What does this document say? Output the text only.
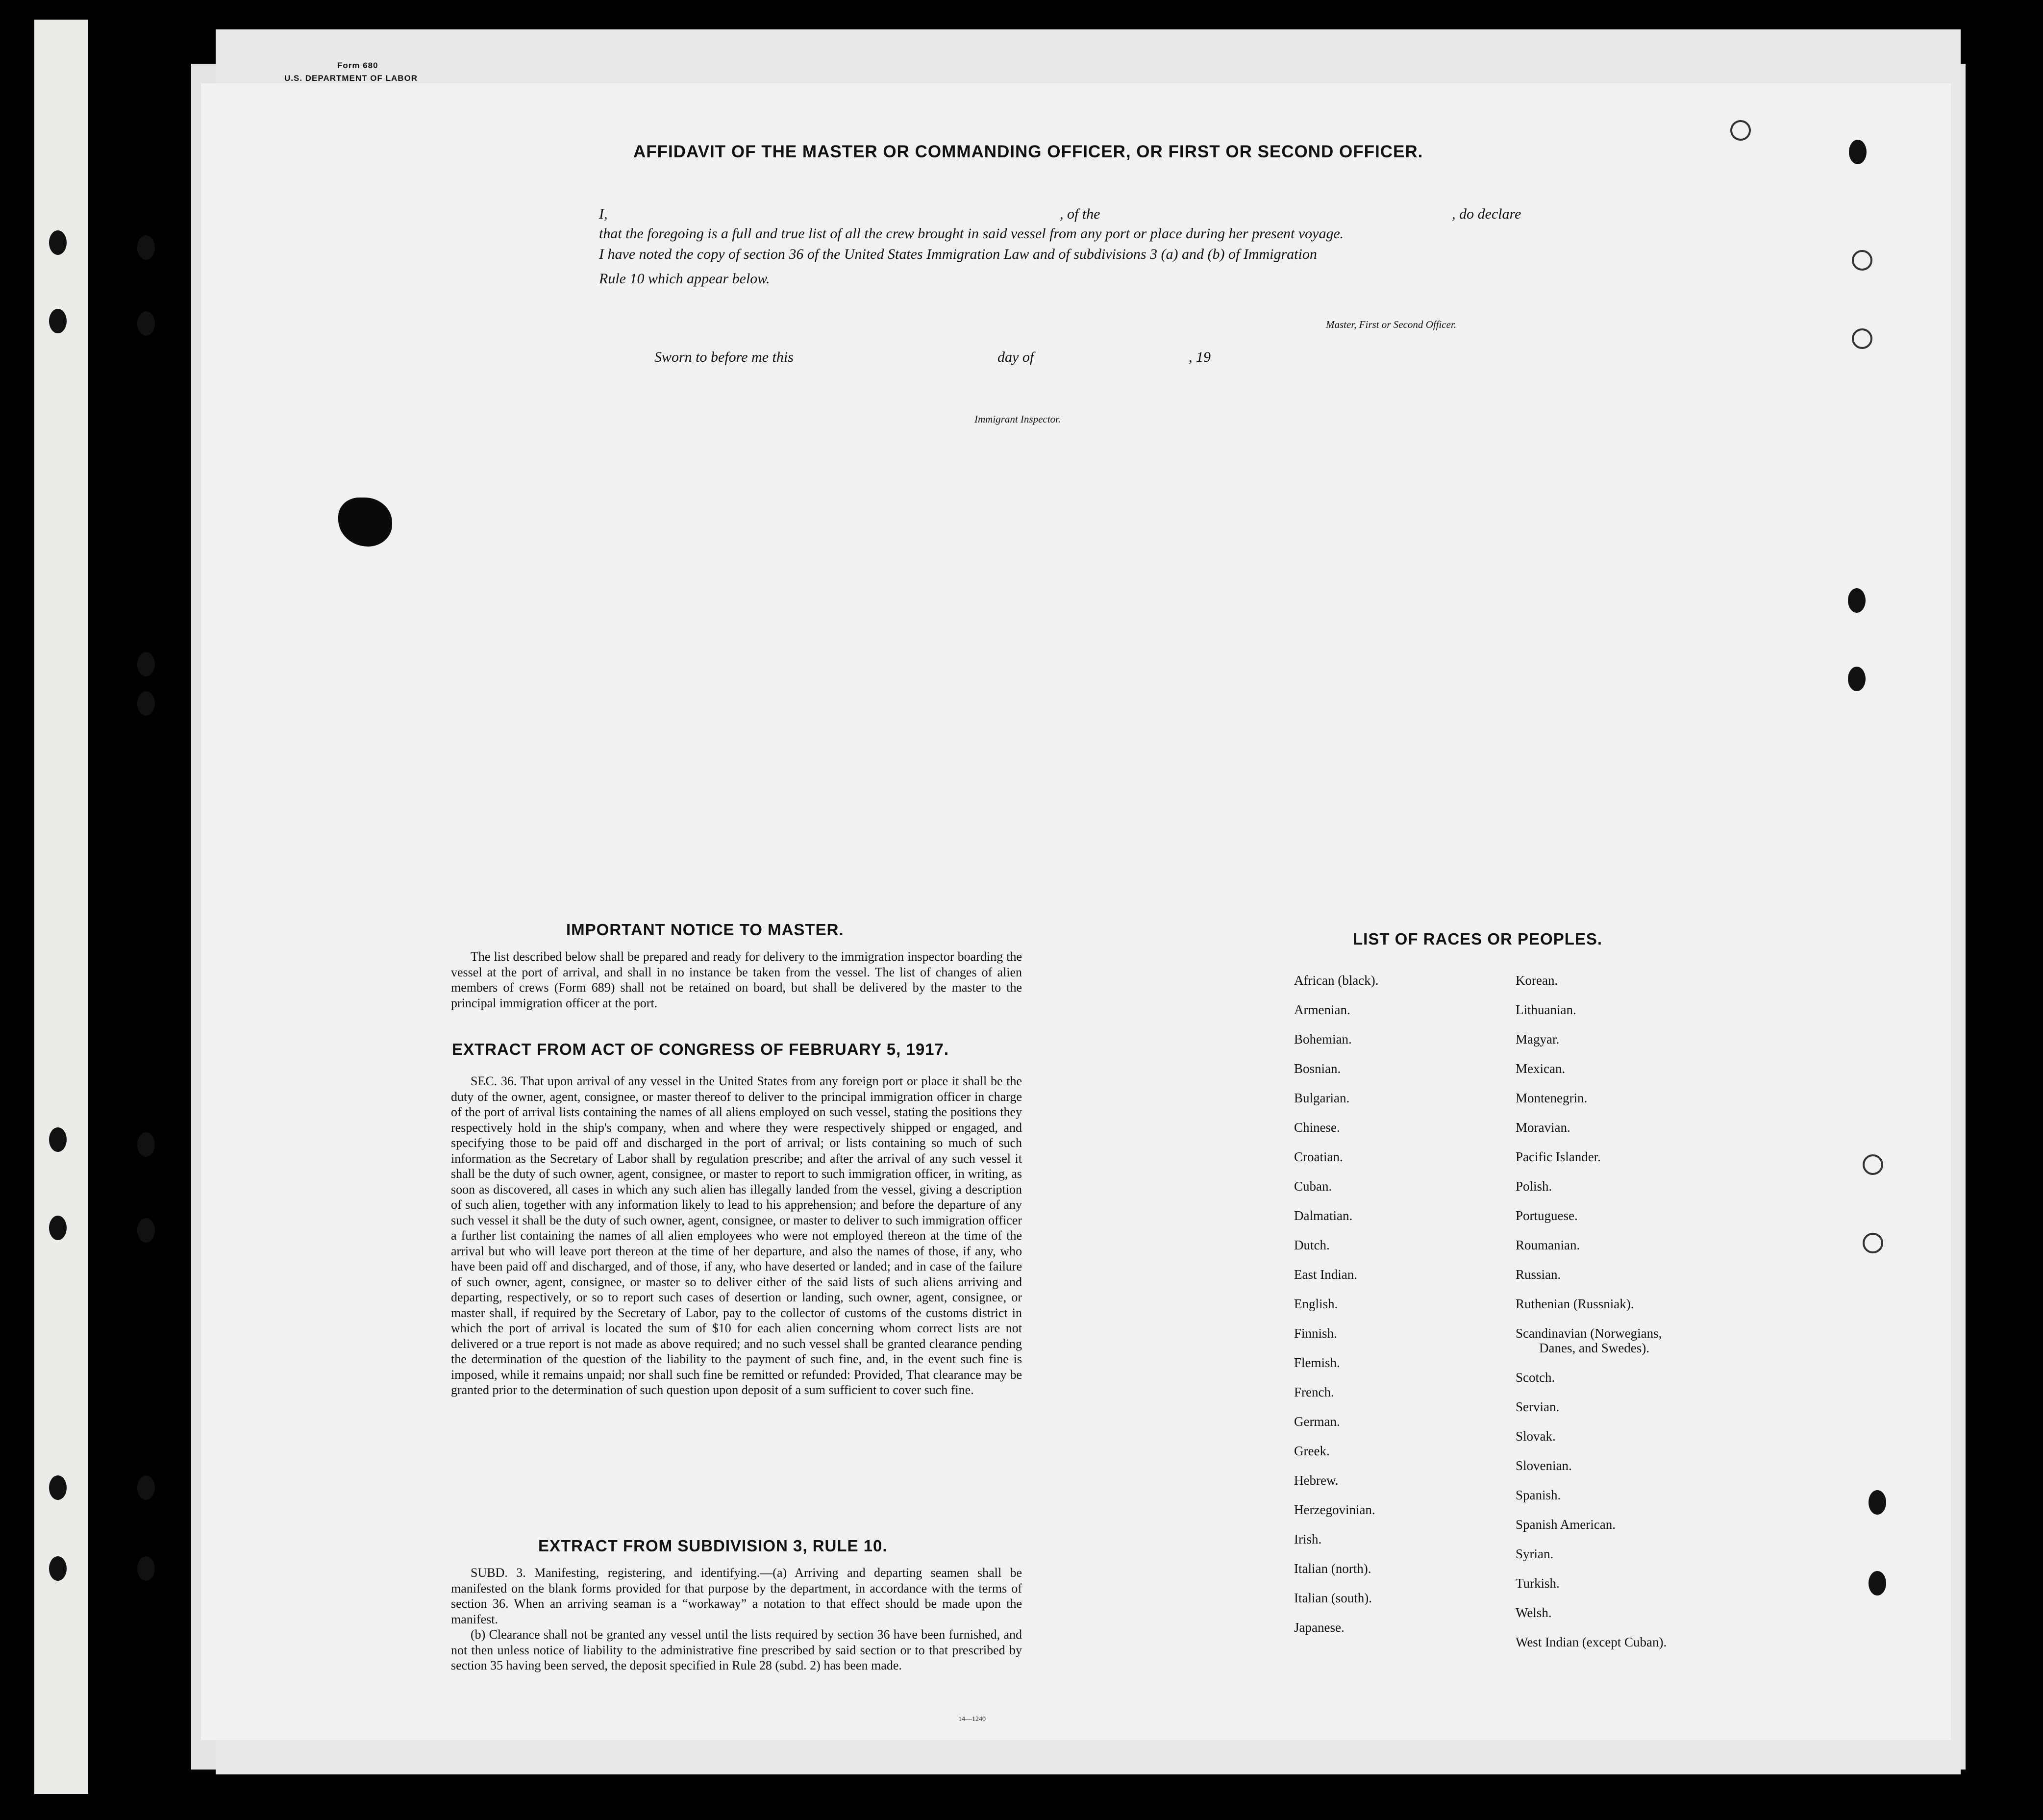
Form 680
U.S. DEPARTMENT OF LABOR
AFFIDAVIT OF THE MASTER OR COMMANDING OFFICER, OR FIRST OR SECOND OFFICER.
I,	, of the	, do declare
that the foregoing is a full and true list of all the crew brought in said vessel from any port or place during her present voyage.
I have noted the copy of section 36 of the United States Immigration Law and of subdivisions 3 (a) and (b) of Immigration
Rule 10 which appear below.
Master, First or Second Officer.
Sworn to before me this	day of	, 19
Immigrant Inspector.
IMPORTANT NOTICE TO MASTER.

The list described below shall be prepared and ready for delivery to the immigration inspector boarding the vessel at the port of arrival, and shall in no instance be taken from the vessel. The list of changes of alien members of crews (Form 689) shall not be retained on board, but shall be delivered by the master to the principal immigration officer at the port.

EXTRACT FROM ACT OF CONGRESS OF FEBRUARY 5, 1917.

SEC. 36. That upon arrival of any vessel in the United States from any foreign port or place it shall be the duty of the owner, agent, consignee, or master thereof to deliver to the principal immigration officer in charge of the port of arrival lists containing the names of all aliens employed on such vessel, stating the positions they respectively hold in the ship's company, when and where they were respectively shipped or engaged, and specifying those to be paid off and discharged in the port of arrival; or lists containing so much of such information as the Secretary of Labor shall by regulation prescribe; and after the arrival of any such vessel it shall be the duty of such owner, agent, consignee, or master to report to such immigration officer, in writing, as soon as discovered, all cases in which any such alien has illegally landed from the vessel, giving a description of such alien, together with any information likely to lead to his apprehension; and before the departure of any such vessel it shall be the duty of such owner, agent, consignee, or master to deliver to such immigration officer a further list containing the names of all alien employees who were not employed thereon at the time of the arrival but who will leave port thereon at the time of her departure, and also the names of those, if any, who have been paid off and discharged, and of those, if any, who have deserted or landed; and in case of the failure of such owner, agent, consignee, or master so to deliver either of the said lists of such aliens arriving and departing, respectively, or so to report such cases of desertion or landing, such owner, agent, consignee, or master shall, if required by the Secretary of Labor, pay to the collector of customs of the customs district in which the port of arrival is located the sum of $10 for each alien concerning whom correct lists are not delivered or a true report is not made as above required; and no such vessel shall be granted clearance pending the determination of the question of the liability to the payment of such fine, and, in the event such fine is imposed, while it remains unpaid; nor shall such fine be remitted or refunded: Provided, That clearance may be granted prior to the determination of such question upon deposit of a sum sufficient to cover such fine.

EXTRACT FROM SUBDIVISION 3, RULE 10.

SUBD. 3. Manifesting, registering, and identifying.—(a) Arriving and departing seamen shall be manifested on the blank forms provided for that purpose by the department, in accordance with the terms of section 36. When an arriving seaman is a “workaway” a notation to that effect should be made upon the manifest.

(b) Clearance shall not be granted any vessel until the lists required by section 36 have been furnished, and not then unless notice of liability to the administrative fine prescribed by said section or to that prescribed by section 35 having been served, the deposit specified in Rule 28 (subd. 2) has been made.

14—1240
LIST OF RACES OR PEOPLES.
African (black).
Armenian.
Bohemian.
Bosnian.
Bulgarian.
Chinese.
Croatian.
Cuban.
Dalmatian.
Dutch.
East Indian.
English.
Finnish.
Flemish.
French.
German.
Greek.
Hebrew.
Herzegovinian.
Irish.
Italian (north).
Italian (south).
Japanese.
Korean.
Lithuanian.
Magyar.
Mexican.
Montenegrin.
Moravian.
Pacific Islander.
Polish.
Portuguese.
Roumanian.
Russian.
Ruthenian (Russniak).
Scandinavian (Norwegians,
Danes, and Swedes).
Scotch.
Servian.
Slovak.
Slovenian.
Spanish.
Spanish American.
Syrian.
Turkish.
Welsh.
West Indian (except Cuban).
